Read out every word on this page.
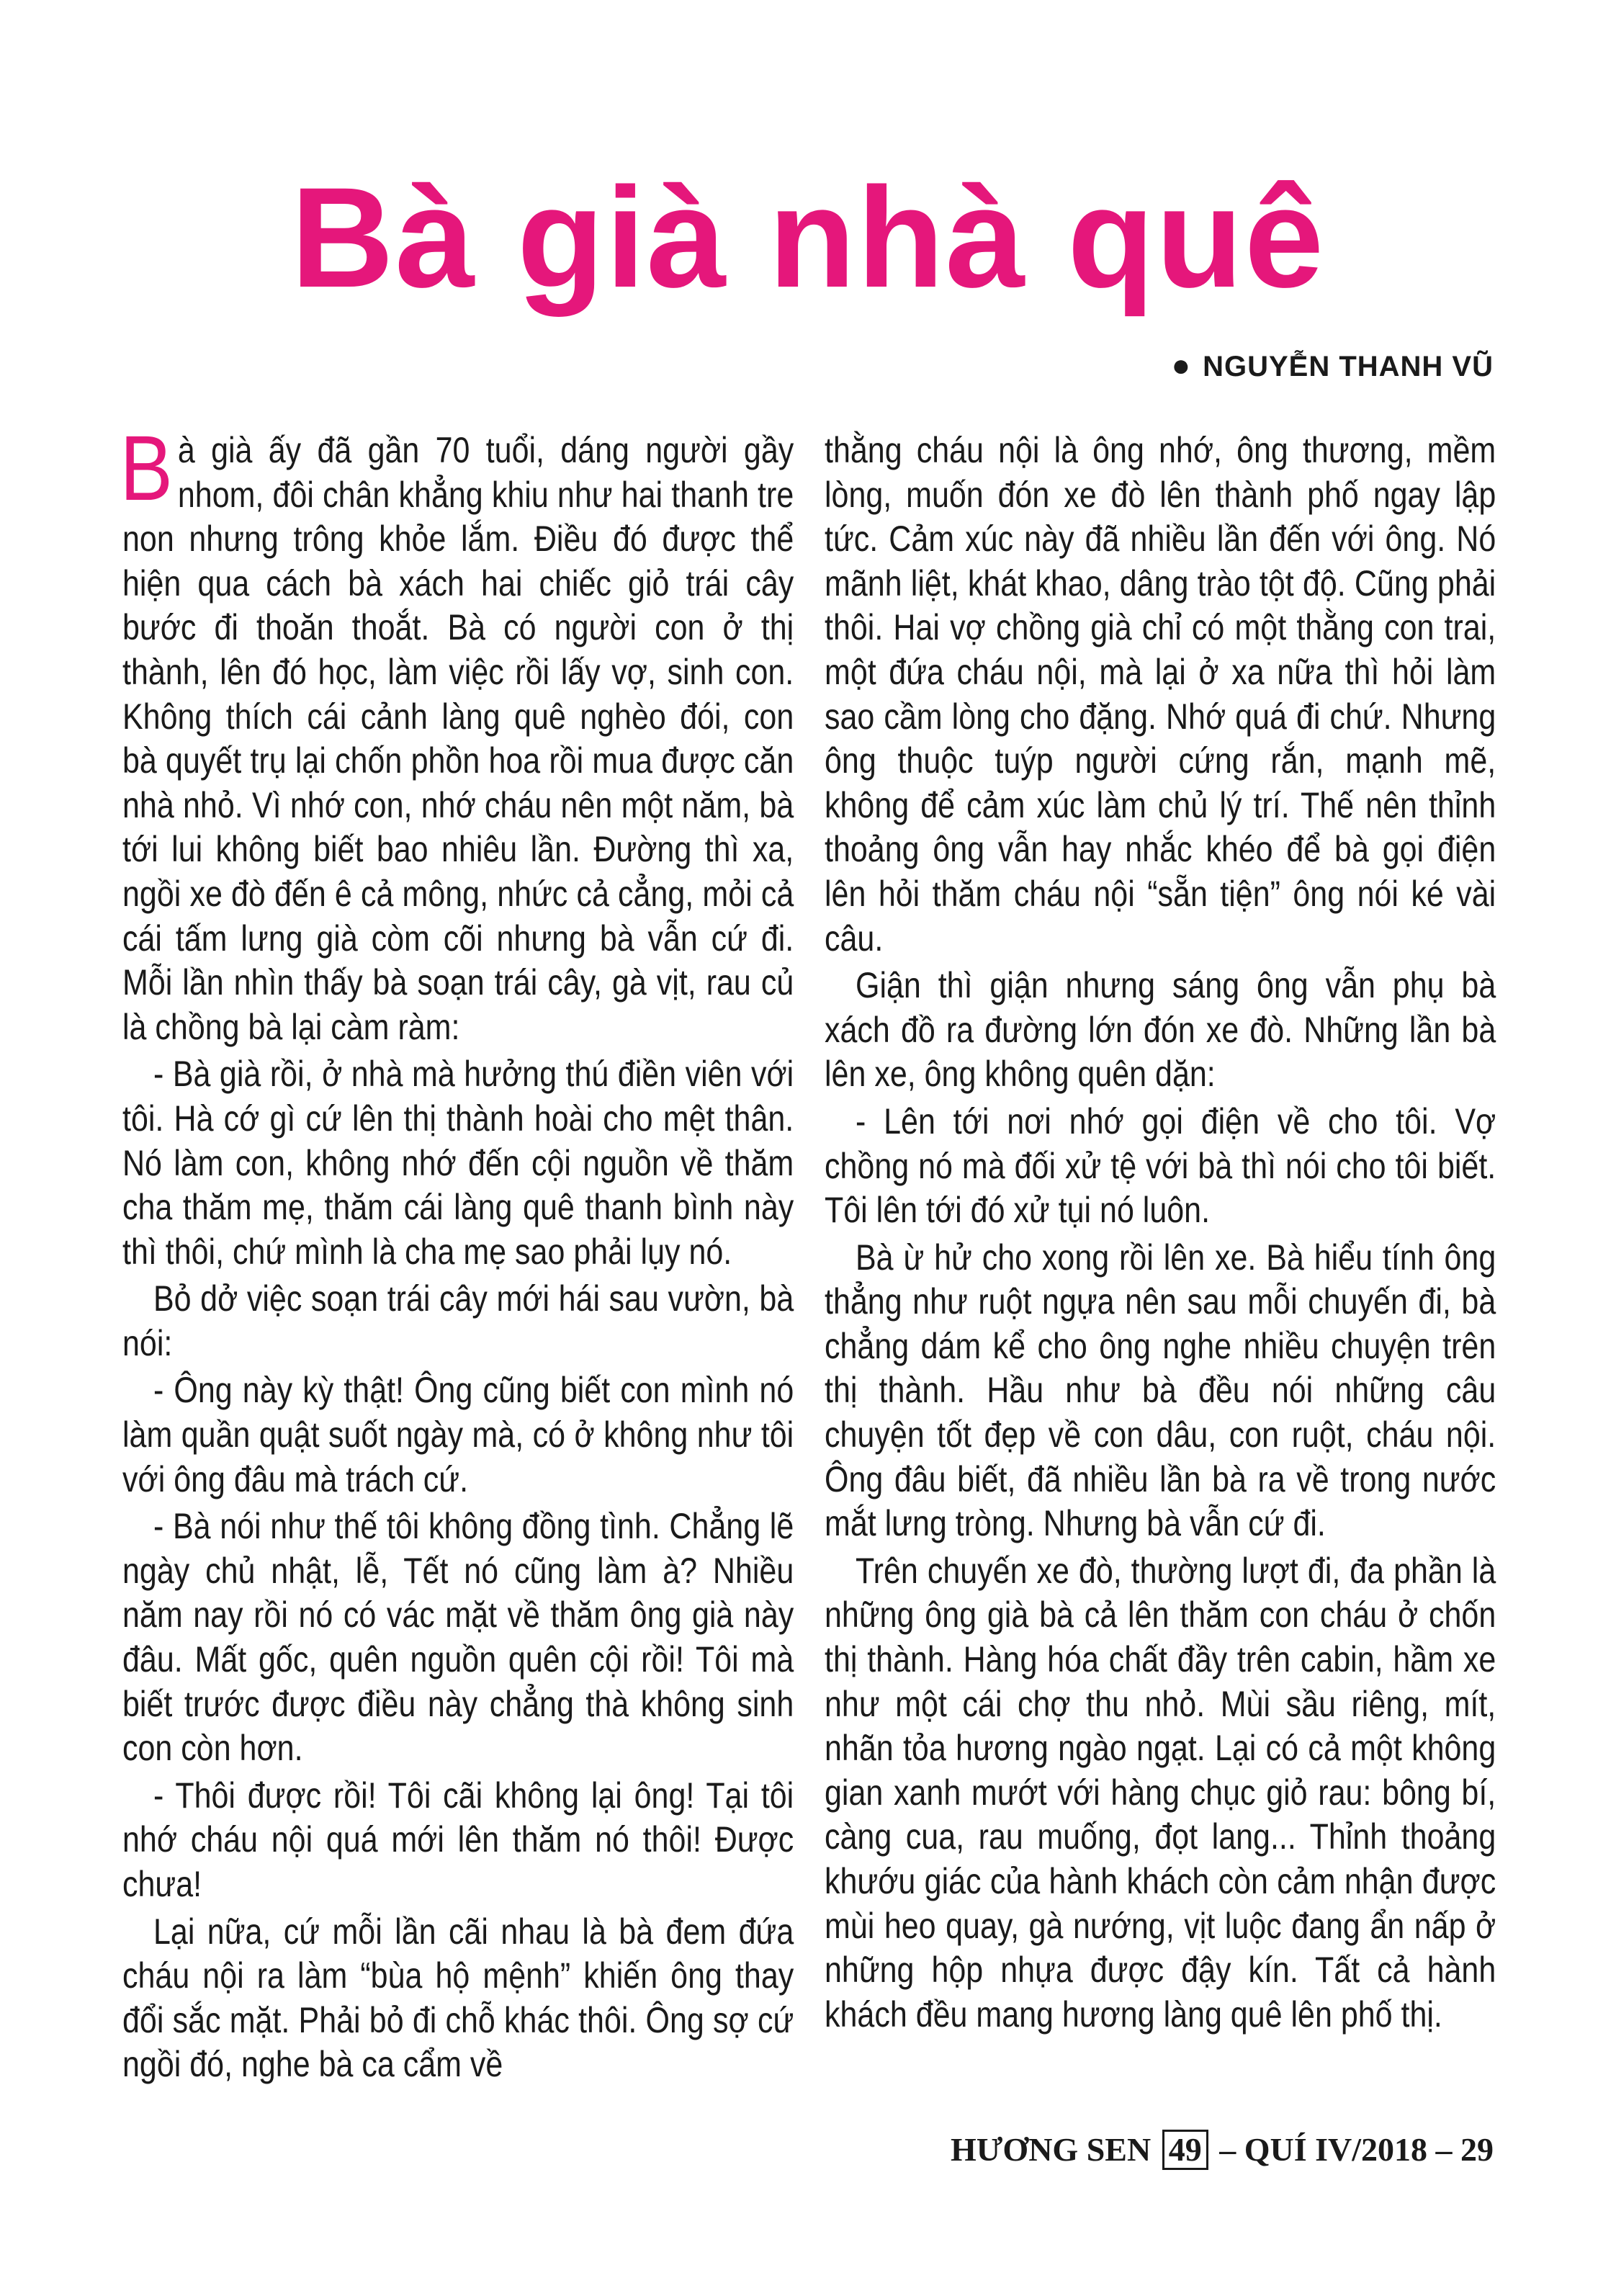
Bà già nhà quê

● NGUYỄN THANH VŨ

Bà già ấy đã gần 70 tuổi, dáng người gầy nhom, đôi chân khẳng khiu như hai thanh tre non nhưng trông khỏe lắm. Điều đó được thể hiện qua cách bà xách hai chiếc giỏ trái cây bước đi thoăn thoắt. Bà có người con ở thị thành, lên đó học, làm việc rồi lấy vợ, sinh con. Không thích cái cảnh làng quê nghèo đói, con bà quyết trụ lại chốn phồn hoa rồi mua được căn nhà nhỏ. Vì nhớ con, nhớ cháu nên một năm, bà tới lui không biết bao nhiêu lần. Đường thì xa, ngồi xe đò đến ê cả mông, nhức cả cẳng, mỏi cả cái tấm lưng già còm cõi nhưng bà vẫn cứ đi. Mỗi lần nhìn thấy bà soạn trái cây, gà vịt, rau củ là chồng bà lại càm ràm:

- Bà già rồi, ở nhà mà hưởng thú điền viên với tôi. Hà cớ gì cứ lên thị thành hoài cho mệt thân. Nó làm con, không nhớ đến cội nguồn về thăm cha thăm mẹ, thăm cái làng quê thanh bình này thì thôi, chứ mình là cha mẹ sao phải lụy nó.

Bỏ dở việc soạn trái cây mới hái sau vườn, bà nói:

- Ông này kỳ thật! Ông cũng biết con mình nó làm quần quật suốt ngày mà, có ở không như tôi với ông đâu mà trách cứ.

- Bà nói như thế tôi không đồng tình. Chẳng lẽ ngày chủ nhật, lễ, Tết nó cũng làm à? Nhiều năm nay rồi nó có vác mặt về thăm ông già này đâu. Mất gốc, quên nguồn quên cội rồi! Tôi mà biết trước được điều này chẳng thà không sinh con còn hơn.

- Thôi được rồi! Tôi cãi không lại ông! Tại tôi nhớ cháu nội quá mới lên thăm nó thôi! Được chưa!

Lại nữa, cứ mỗi lần cãi nhau là bà đem đứa cháu nội ra làm “bùa hộ mệnh” khiến ông thay đổi sắc mặt. Phải bỏ đi chỗ khác thôi. Ông sợ cứ ngồi đó, nghe bà ca cẩm về

thằng cháu nội là ông nhớ, ông thương, mềm lòng, muốn đón xe đò lên thành phố ngay lập tức. Cảm xúc này đã nhiều lần đến với ông. Nó mãnh liệt, khát khao, dâng trào tột độ. Cũng phải thôi. Hai vợ chồng già chỉ có một thằng con trai, một đứa cháu nội, mà lại ở xa nữa thì hỏi làm sao cầm lòng cho đặng. Nhớ quá đi chứ. Nhưng ông thuộc tuýp người cứng rắn, mạnh mẽ, không để cảm xúc làm chủ lý trí. Thế nên thỉnh thoảng ông vẫn hay nhắc khéo để bà gọi điện lên hỏi thăm cháu nội “sẵn tiện” ông nói ké vài câu.

Giận thì giận nhưng sáng ông vẫn phụ bà xách đồ ra đường lớn đón xe đò. Những lần bà lên xe, ông không quên dặn:

- Lên tới nơi nhớ gọi điện về cho tôi. Vợ chồng nó mà đối xử tệ với bà thì nói cho tôi biết. Tôi lên tới đó xử tụi nó luôn.

Bà ừ hử cho xong rồi lên xe. Bà hiểu tính ông thẳng như ruột ngựa nên sau mỗi chuyến đi, bà chẳng dám kể cho ông nghe nhiều chuyện trên thị thành. Hầu như bà đều nói những câu chuyện tốt đẹp về con dâu, con ruột, cháu nội. Ông đâu biết, đã nhiều lần bà ra về trong nước mắt lưng tròng. Nhưng bà vẫn cứ đi.

Trên chuyến xe đò, thường lượt đi, đa phần là những ông già bà cả lên thăm con cháu ở chốn thị thành. Hàng hóa chất đầy trên cabin, hầm xe như một cái chợ thu nhỏ. Mùi sầu riêng, mít, nhãn tỏa hương ngào ngạt. Lại có cả một không gian xanh mướt với hàng chục giỏ rau: bông bí, càng cua, rau muống, đọt lang... Thỉnh thoảng khướu giác của hành khách còn cảm nhận được mùi heo quay, gà nướng, vịt luộc đang ẩn nấp ở những hộp nhựa được đậy kín. Tất cả hành khách đều mang hương làng quê lên phố thị.

HƯƠNG SEN 49 – QUÍ IV/2018 – 29
